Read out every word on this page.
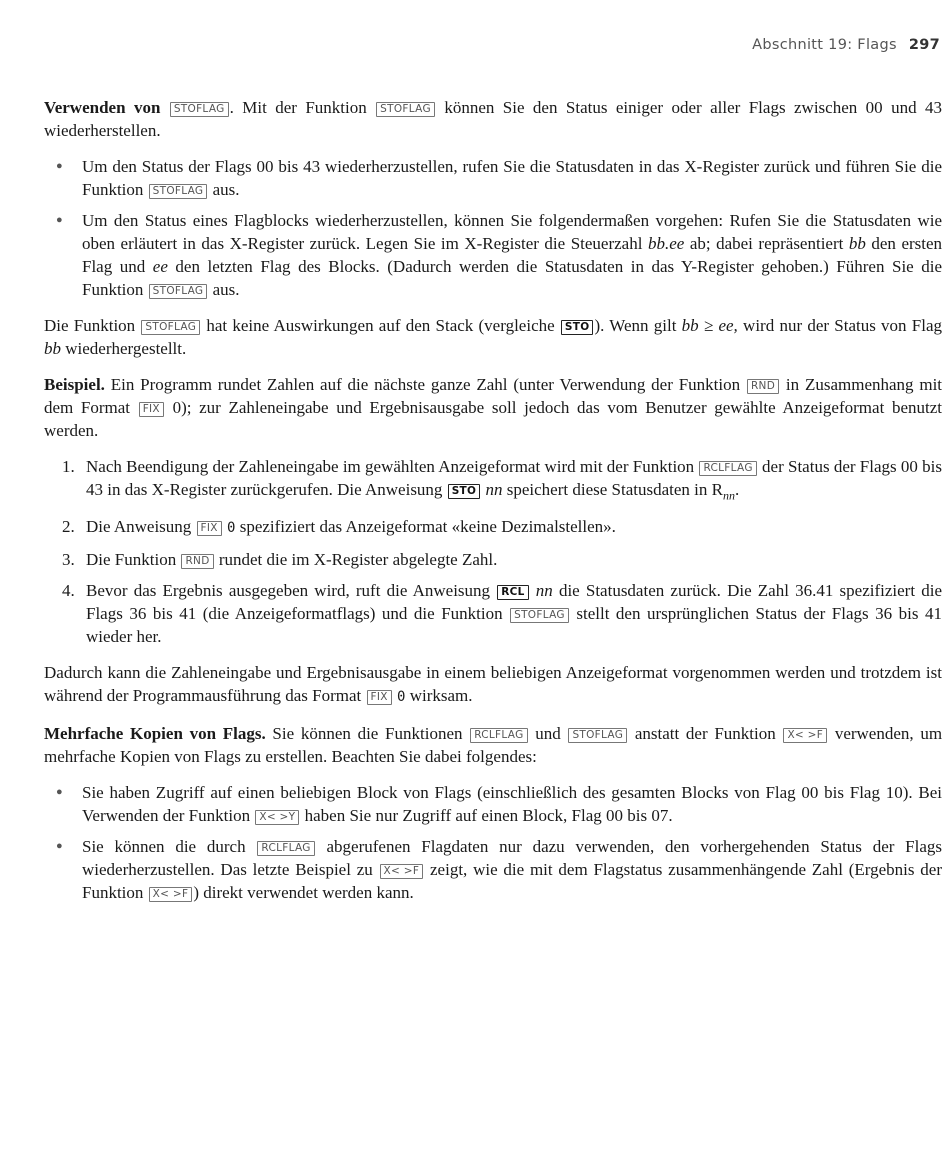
Abschnitt 19: Flags 297

Verwenden von STOFLAG . Mit der Funktion STOFLAG können Sie den Status einiger oder aller Flags zwischen 00 und 43 wiederherstellen.

● Um den Status der Flags 00 bis 43 wiederherzustellen, rufen Sie die Statusdaten in das X-Register zurück und führen Sie die Funktion STOFLAG aus.
● Um den Status eines Flagblocks wiederherzustellen, können Sie folgendermaßen vorgehen: Rufen Sie die Statusdaten wie oben erläutert in das X-Register zurück. Legen Sie im X-Register die Steuerzahl bb.ee ab; dabei repräsentiert bb den ersten Flag und ee den letzten Flag des Blocks. (Dadurch werden die Statusdaten in das Y-Register gehoben.) Führen Sie die Funktion STOFLAG aus.

Die Funktion STOFLAG hat keine Auswirkungen auf den Stack (vergleiche STO ). Wenn gilt bb ≥ ee, wird nur der Status von Flag bb wiederhergestellt.

Beispiel. Ein Programm rundet Zahlen auf die nächste ganze Zahl (unter Verwendung der Funktion RND in Zusammenhang mit dem Format FIX 0); zur Zahleneingabe und Ergebnisausgabe soll jedoch das vom Benutzer gewählte Anzeigeformat benutzt werden.

1. Nach Beendigung der Zahleneingabe im gewählten Anzeigeformat wird mit der Funktion RCLFLAG der Status der Flags 00 bis 43 in das X-Register zurückgerufen. Die Anweisung STO nn speichert diese Statusdaten in $R_{nn}$.
2. Die Anweisung FIX 0 spezifiziert das Anzeigeformat «keine Dezimalstellen».
3. Die Funktion RND rundet die im X-Register abgelegte Zahl.
4. Bevor das Ergebnis ausgegeben wird, ruft die Anweisung RCL nn die Statusdaten zurück. Die Zahl 36.41 spezifiziert die Flags 36 bis 41 (die Anzeigeformatflags) und die Funktion STOFLAG stellt den ursprünglichen Status der Flags 36 bis 41 wieder her.

Dadurch kann die Zahleneingabe und Ergebnisausgabe in einem beliebigen Anzeigeformat vorgenommen werden und trotzdem ist während der Programmausführung das Format FIX 0 wirksam.

Mehrfache Kopien von Flags. Sie können die Funktionen RCLFLAG und STOFLAG anstatt der Funktion X< >F verwenden, um mehrfache Kopien von Flags zu erstellen. Beachten Sie dabei folgendes:

● Sie haben Zugriff auf einen beliebigen Block von Flags (einschließlich des gesamten Blocks von Flag 00 bis Flag 10). Bei Verwenden der Funktion X< >Y haben Sie nur Zugriff auf einen Block, Flag 00 bis 07.
● Sie können die durch RCLFLAG abgerufenen Flagdaten nur dazu verwenden, den vorhergehenden Status der Flags wiederherzustellen. Das letzte Beispiel zu X< >F zeigt, wie die mit dem Flagstatus zusammenhängende Zahl (Ergebnis der Funktion X< >F ) direkt verwendet werden kann.
